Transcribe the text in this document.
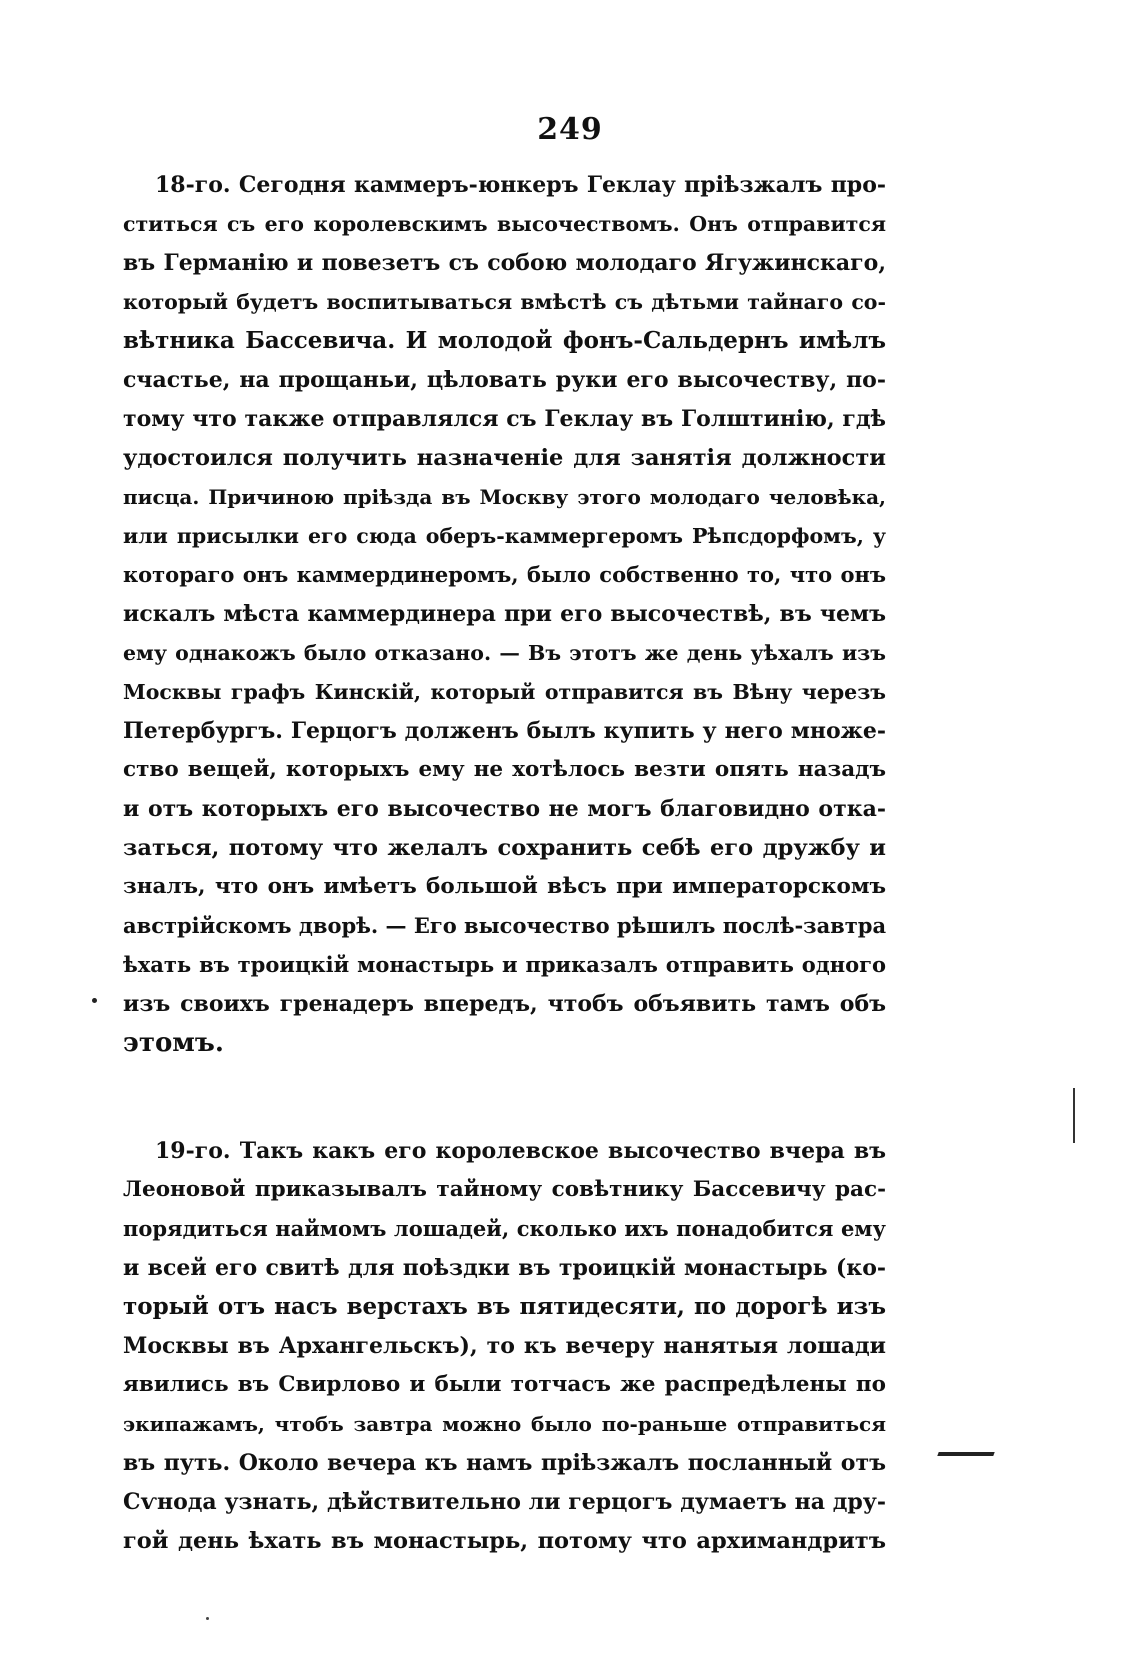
249
18-го. Сегодня каммеръ-юнкеръ Геклау прiѣзжалъ про-
ститься съ его королевскимъ высочествомъ. Онъ отправится
въ Германiю и повезетъ съ собою молодаго Ягужинскаго,
который будетъ воспитываться вмѣстѣ съ дѣтьми тайнаго со-
вѣтника Бассевича. И молодой фонъ-Сальдернъ имѣлъ
счастье, на прощаньи, цѣловать руки его высочеству, по-
тому что также отправлялся съ Геклау въ Голштинiю, гдѣ
удостоился получить назначенiе для занятiя должности
писца. Причиною прiѣзда въ Москву этого молодаго человѣка,
или присылки его сюда оберъ-каммергеромъ Рѣпсдорфомъ, у
котораго онъ каммердинеромъ, было собственно то, что онъ
искалъ мѣста каммердинера при его высочествѣ, въ чемъ
ему однакожъ было отказано. — Въ этотъ же день уѣхалъ изъ
Москвы графъ Кинскiй, который отправится въ Вѣну черезъ
Петербургъ. Герцогъ долженъ былъ купить у него множе-
ство вещей, которыхъ ему не хотѣлось везти опять назадъ
и отъ которыхъ его высочество не могъ благовидно отка-
заться, потому что желалъ сохранить себѣ его дружбу и
зналъ, что онъ имѣетъ большой вѣсъ при императорскомъ
австрiйскомъ дворѣ. — Его высочество рѣшилъ послѣ-завтра
ѣхать въ троицкiй монастырь и приказалъ отправить одного
изъ своихъ гренадеръ впередъ, чтобъ объявить тамъ объ
этомъ.
19-го. Такъ какъ его королевское высочество вчера въ
Леоновой приказывалъ тайному совѣтнику Бассевичу рас-
порядиться наймомъ лошадей, сколько ихъ понадобится ему
и всей его свитѣ для поѣздки въ троицкiй монастырь (ко-
торый отъ насъ верстахъ въ пятидесяти, по дорогѣ изъ
Москвы въ Архангельскъ), то къ вечеру нанятыя лошади
явились въ Свирлово и были тотчасъ же распредѣлены по
экипажамъ, чтобъ завтра можно было по-раньше отправиться
въ путь. Около вечера къ намъ прiѣзжалъ посланный отъ
Сѵнода узнать, дѣйствительно ли герцогъ думаетъ на дру-
гой день ѣхать въ монастырь, потому что архимандритъ
